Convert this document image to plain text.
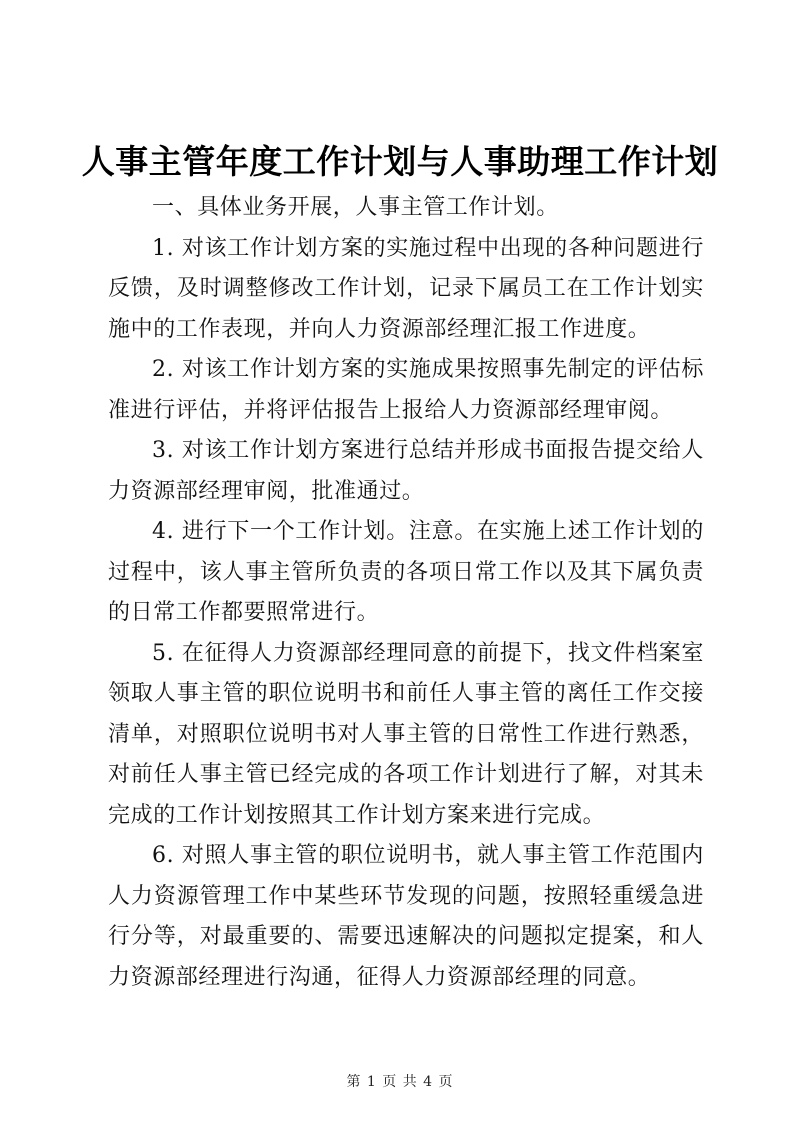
人事主管年度工作计划与人事助理工作计划

一、具体业务开展，人事主管工作计划。

1. 对该工作计划方案的实施过程中出现的各种问题进行反馈，及时调整修改工作计划，记录下属员工在工作计划实施中的工作表现，并向人力资源部经理汇报工作进度。

2. 对该工作计划方案的实施成果按照事先制定的评估标准进行评估，并将评估报告上报给人力资源部经理审阅。

3. 对该工作计划方案进行总结并形成书面报告提交给人力资源部经理审阅，批准通过。

4. 进行下一个工作计划。注意。在实施上述工作计划的过程中，该人事主管所负责的各项日常工作以及其下属负责的日常工作都要照常进行。

5. 在征得人力资源部经理同意的前提下，找文件档案室领取人事主管的职位说明书和前任人事主管的离任工作交接清单，对照职位说明书对人事主管的日常性工作进行熟悉，对前任人事主管已经完成的各项工作计划进行了解，对其未完成的工作计划按照其工作计划方案来进行完成。

6. 对照人事主管的职位说明书，就人事主管工作范围内人力资源管理工作中某些环节发现的问题，按照轻重缓急进行分等，对最重要的、需要迅速解决的问题拟定提案，和人力资源部经理进行沟通，征得人力资源部经理的同意。

第 1 页 共 4 页
